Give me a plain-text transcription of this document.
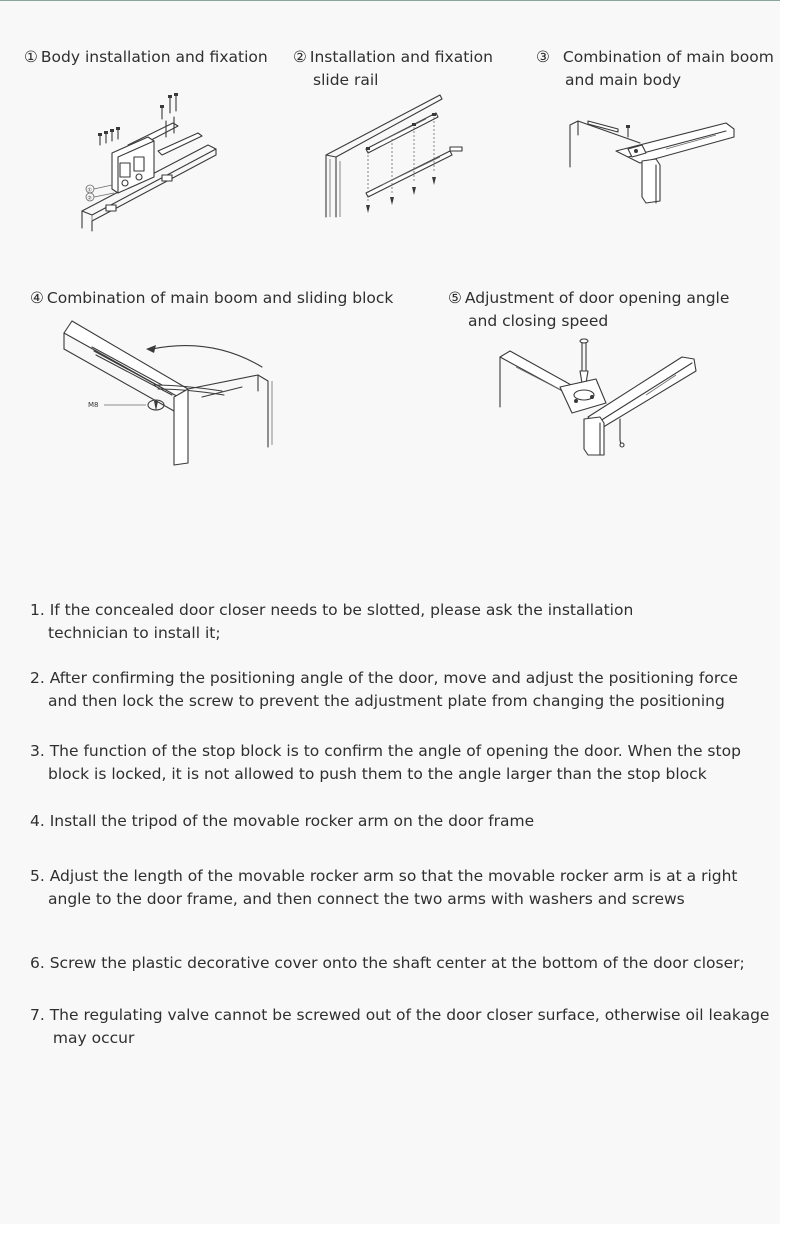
① Body installation and fixation
①
②
② Installation and fixation
slide rail
③ Combination of main boom
and main body
④ Combination of main boom and sliding block
M8
⑤ Adjustment of door opening angle
and closing speed
◦	◦
1. If the concealed door closer needs to be slotted, please ask the installation
technician to install it;
2. After confirming the positioning angle of the door, move and adjust the positioning force
and then lock the screw to prevent the adjustment plate from changing the positioning
3. The function of the stop block is to confirm the angle of opening the door. When the stop
block is locked, it is not allowed to push them to the angle larger than the stop block
4. Install the tripod of the movable rocker arm on the door frame
5. Adjust the length of the movable rocker arm so that the movable rocker arm is at a right
angle to the door frame, and then connect the two arms with washers and screws
6. Screw the plastic decorative cover onto the shaft center at the bottom of the door closer;
7. The regulating valve cannot be screwed out of the door closer surface, otherwise oil leakage
may occur
